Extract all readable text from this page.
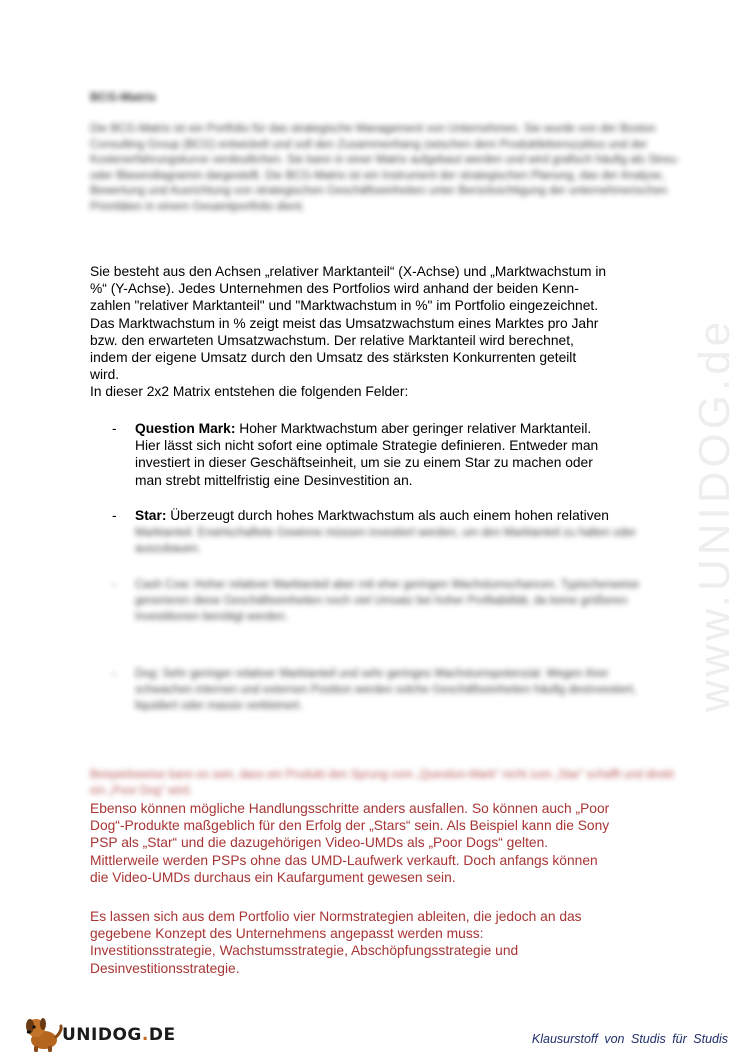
BCG-Matrix

Die BCG-Matrix ist ein Portfolio für das strategische Management von Unternehmen. Sie wurde von der Boston Consulting Group (BCG) entwickelt und soll den Zusammenhang zwischen dem Produktlebenszyklus und der Kostenerfahrungskurve verdeutlichen. Sie kann in einer Matrix aufgebaut werden und wird grafisch häufig als Streu- oder Blasendiagramm dargestellt. Die BCG-Matrix ist ein Instrument der strategischen Planung, das der Analyse, Bewertung und Ausrichtung von strategischen Geschäftseinheiten unter Berücksichtigung der unternehmerischen Prioritäten in einem Gesamtportfolio dient.

Sie besteht aus den Achsen „relativer Marktanteil“ (X-Achse) und „Marktwachstum in
%“ (Y-Achse). Jedes Unternehmen des Portfolios wird anhand der beiden Kenn-
zahlen "relativer Marktanteil" und "Marktwachstum in %" im Portfolio eingezeichnet.
Das Marktwachstum in % zeigt meist das Umsatzwachstum eines Marktes pro Jahr
bzw. den erwarteten Umsatzwachstum. Der relative Marktanteil wird berechnet,
indem der eigene Umsatz durch den Umsatz des stärksten Konkurrenten geteilt
wird.
In dieser 2x2 Matrix entstehen die folgenden Felder:
- Question Mark: Hoher Marktwachstum aber geringer relativer Marktanteil.
Hier lässt sich nicht sofort eine optimale Strategie definieren. Entweder man
investiert in dieser Geschäftseinheit, um sie zu einem Star zu machen oder
man strebt mittelfristig eine Desinvestition an.
- Star: Überzeugt durch hohes Marktwachstum als auch einem hohen relativen

Marktanteil. Erwirtschaftete Gewinne müssen investiert werden, um den Marktanteil zu halten oder auszubauen.

- Cash Cow: Hoher relativer Marktanteil aber mit eher geringen Wachstumschancen. Typischerweise generieren diese Geschäftseinheiten noch viel Umsatz bei hoher Profitabilität, da keine größeren Investitionen benötigt werden.

- Dog: Sehr geringer relativer Marktanteil und sehr geringes Wachstumspotenzial. Wegen ihrer schwachen internen und externen Position werden solche Geschäftseinheiten häufig desinvestiert, liquidiert oder massiv verkleinert.

Beispielsweise kann es sein, dass ein Produkt den Sprung vom „Question-Mark“ nicht zum „Star“ schafft und direkt ein „Poor Dog“ wird.

Ebenso können mögliche Handlungsschritte anders ausfallen. So können auch „Poor
Dog“-Produkte maßgeblich für den Erfolg der „Stars“ sein. Als Beispiel kann die Sony
PSP als „Star“ und die dazugehörigen Video-UMDs als „Poor Dogs“ gelten.
Mittlerweile werden PSPs ohne das UMD-Laufwerk verkauft. Doch anfangs können
die Video-UMDs durchaus ein Kaufargument gewesen sein.
Es lassen sich aus dem Portfolio vier Normstrategien ableiten, die jedoch an das
gegebene Konzept des Unternehmens angepasst werden muss:
Investitionsstrategie, Wachstumsstrategie, Abschöpfungsstrategie und
Desinvestitionsstrategie.
www.UNIDOG.de
UNIDOG.DE	Klausurstoff von Studis für Studis
